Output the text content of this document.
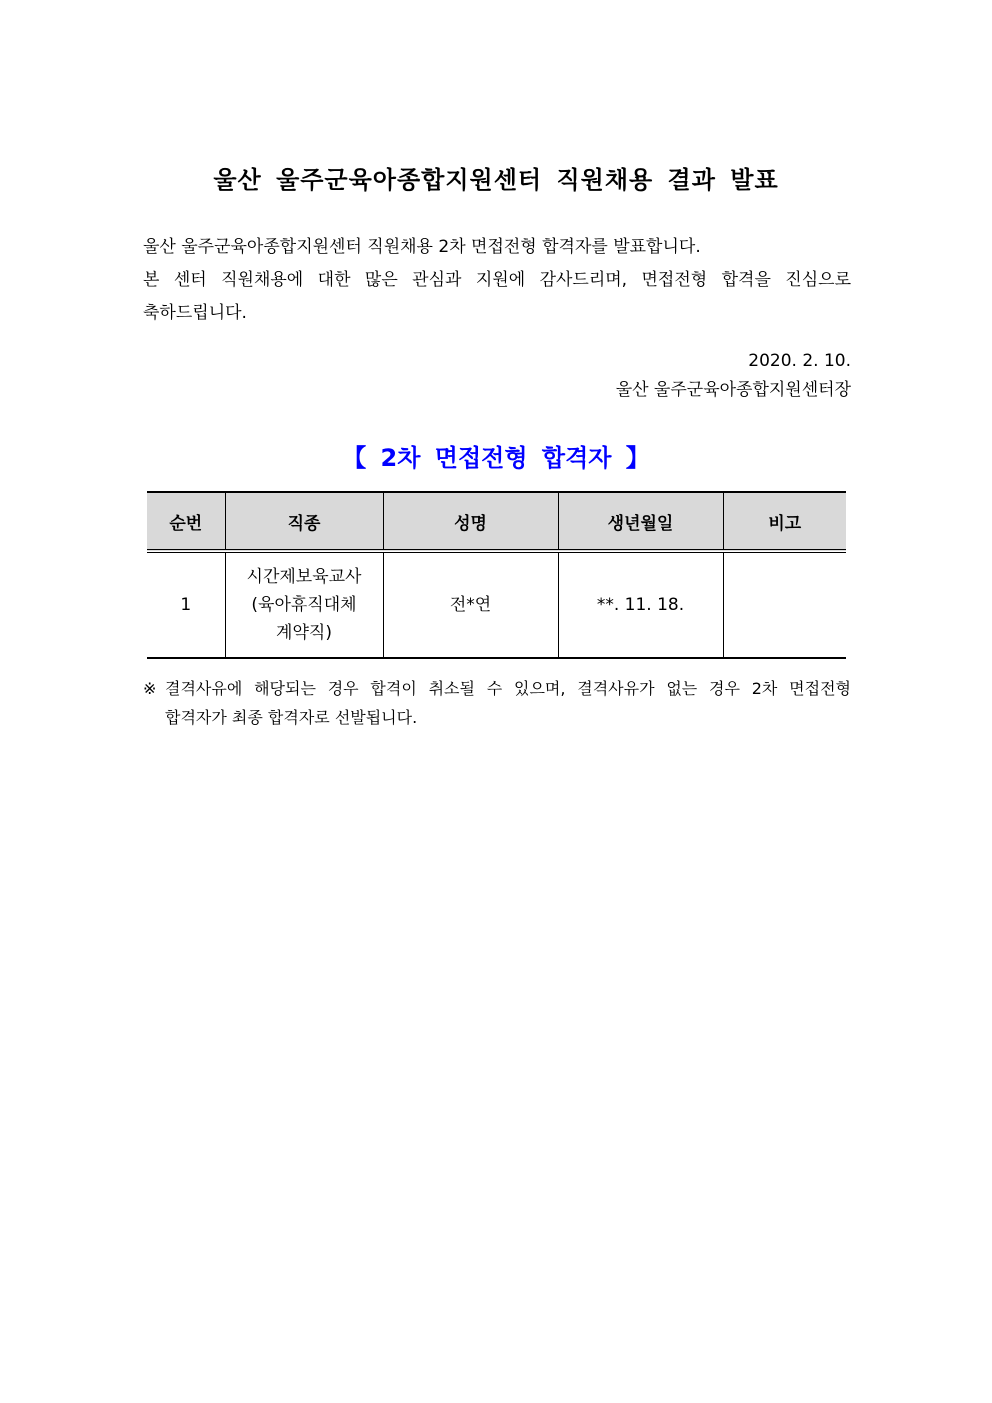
울산 울주군육아종합지원센터 직원채용 결과 발표

울산 울주군육아종합지원센터 직원채용 2차 면접전형 합격자를 발표합니다.

본 센터 직원채용에 대한 많은 관심과 지원에 감사드리며, 면접전형 합격을 진심으로

축하드립니다.

2020. 2. 10.
울산 울주군육아종합지원센터장
【 2차 면접전형 합격자 】
순번	직종	성명	생년월일	비고
1	시간제보육교사
(육아휴직대체
계약직)	전*연	**. 11. 18.	
※ 결격사유에 해당되는 경우 합격이 취소될 수 있으며, 결격사유가 없는 경우 2차 면접전형
합격자가 최종 합격자로 선발됩니다.
